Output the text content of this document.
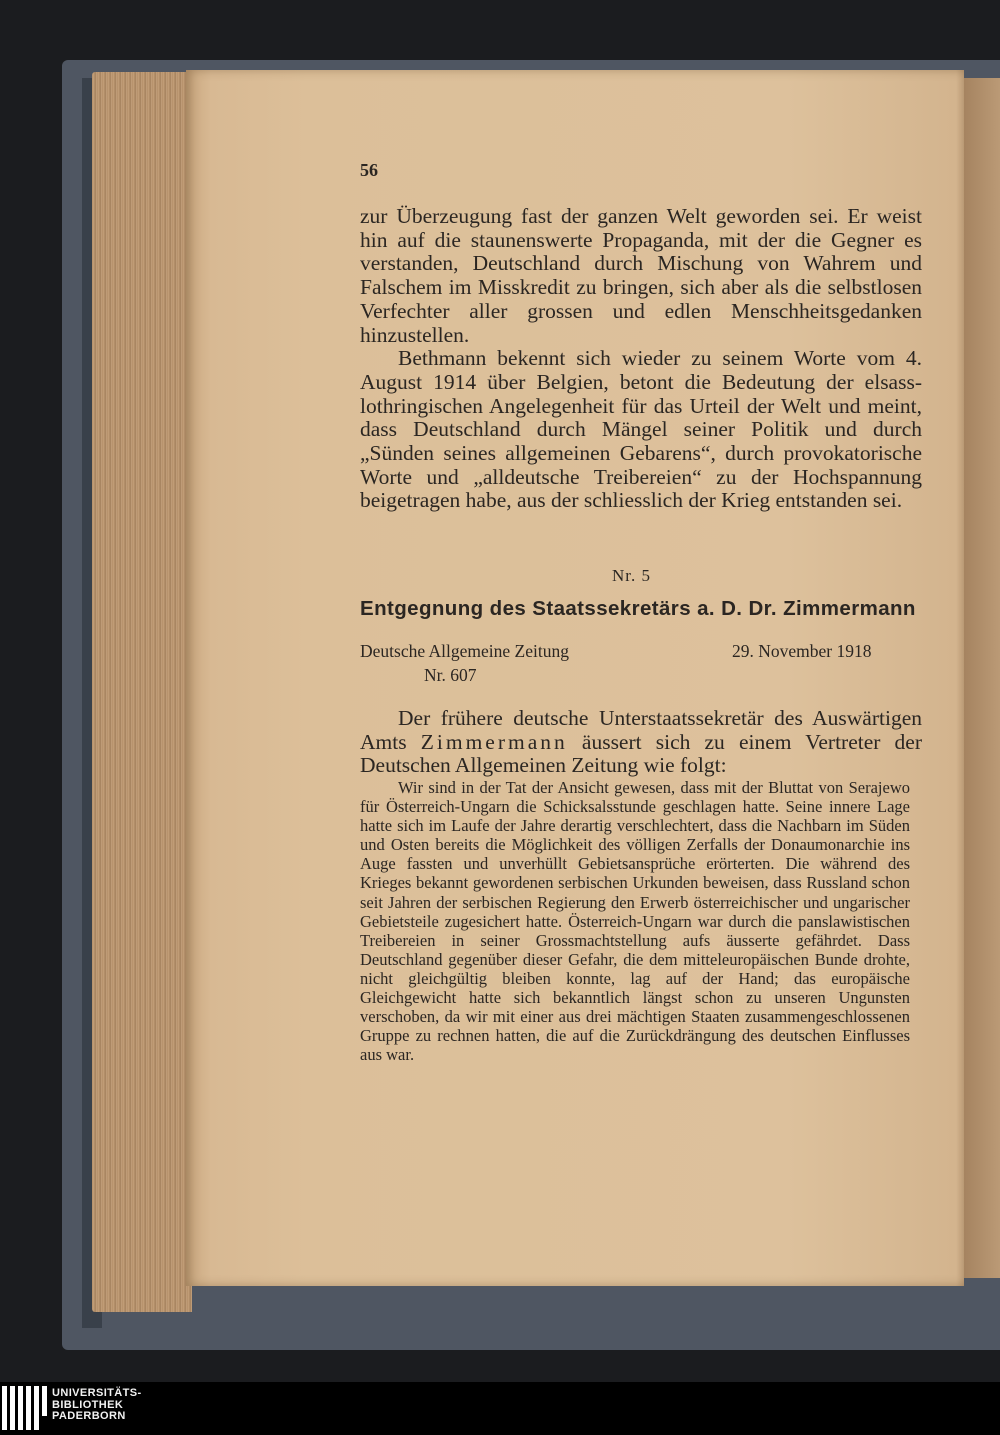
56

zur Überzeugung fast der ganzen Welt geworden sei. Er weist hin auf die staunenswerte Propaganda, mit der die Gegner es verstanden, Deutschland durch Mischung von Wahrem und Falschem im Misskredit zu bringen, sich aber als die selbstlosen Verfechter aller grossen und edlen Menschheitsgedanken hinzustellen.

Bethmann bekennt sich wieder zu seinem Worte vom 4. August 1914 über Belgien, betont die Bedeutung der elsass-lothringischen Angelegenheit für das Urteil der Welt und meint, dass Deutschland durch Mängel seiner Politik und durch „Sünden seines allgemeinen Gebarens“, durch provokatorische Worte und „alldeutsche Treibereien“ zu der Hochspannung beigetragen habe, aus der schliesslich der Krieg entstanden sei.

Nr. 5
Entgegnung des Staatssekretärs a. D. Dr. Zimmermann
Deutsche Allgemeine Zeitung	29. November 1918
Nr. 607

Der frühere deutsche Unterstaatssekretär des Auswärtigen Amts Zimmermann äussert sich zu einem Vertreter der Deutschen Allgemeinen Zeitung wie folgt:

Wir sind in der Tat der Ansicht gewesen, dass mit der Bluttat von Serajewo für Österreich-Ungarn die Schicksalsstunde geschlagen hatte. Seine innere Lage hatte sich im Laufe der Jahre derartig verschlechtert, dass die Nachbarn im Süden und Osten bereits die Möglichkeit des völligen Zerfalls der Donaumonarchie ins Auge fassten und unverhüllt Gebietsansprüche erörterten. Die während des Krieges bekannt gewordenen serbischen Urkunden beweisen, dass Russland schon seit Jahren der serbischen Regierung den Erwerb österreichischer und ungarischer Gebietsteile zugesichert hatte. Österreich-Ungarn war durch die panslawistischen Treibereien in seiner Grossmachtstellung aufs äusserte gefährdet. Dass Deutschland gegenüber dieser Gefahr, die dem mitteleuropäischen Bunde drohte, nicht gleichgültig bleiben konnte, lag auf der Hand; das europäische Gleichgewicht hatte sich bekanntlich längst schon zu unseren Ungunsten verschoben, da wir mit einer aus drei mächtigen Staaten zusammengeschlossenen Gruppe zu rechnen hatten, die auf die Zurückdrängung des deutschen Einflusses aus war.

UNIVERSITÄTS-
BIBLIOTHEK
PADERBORN
